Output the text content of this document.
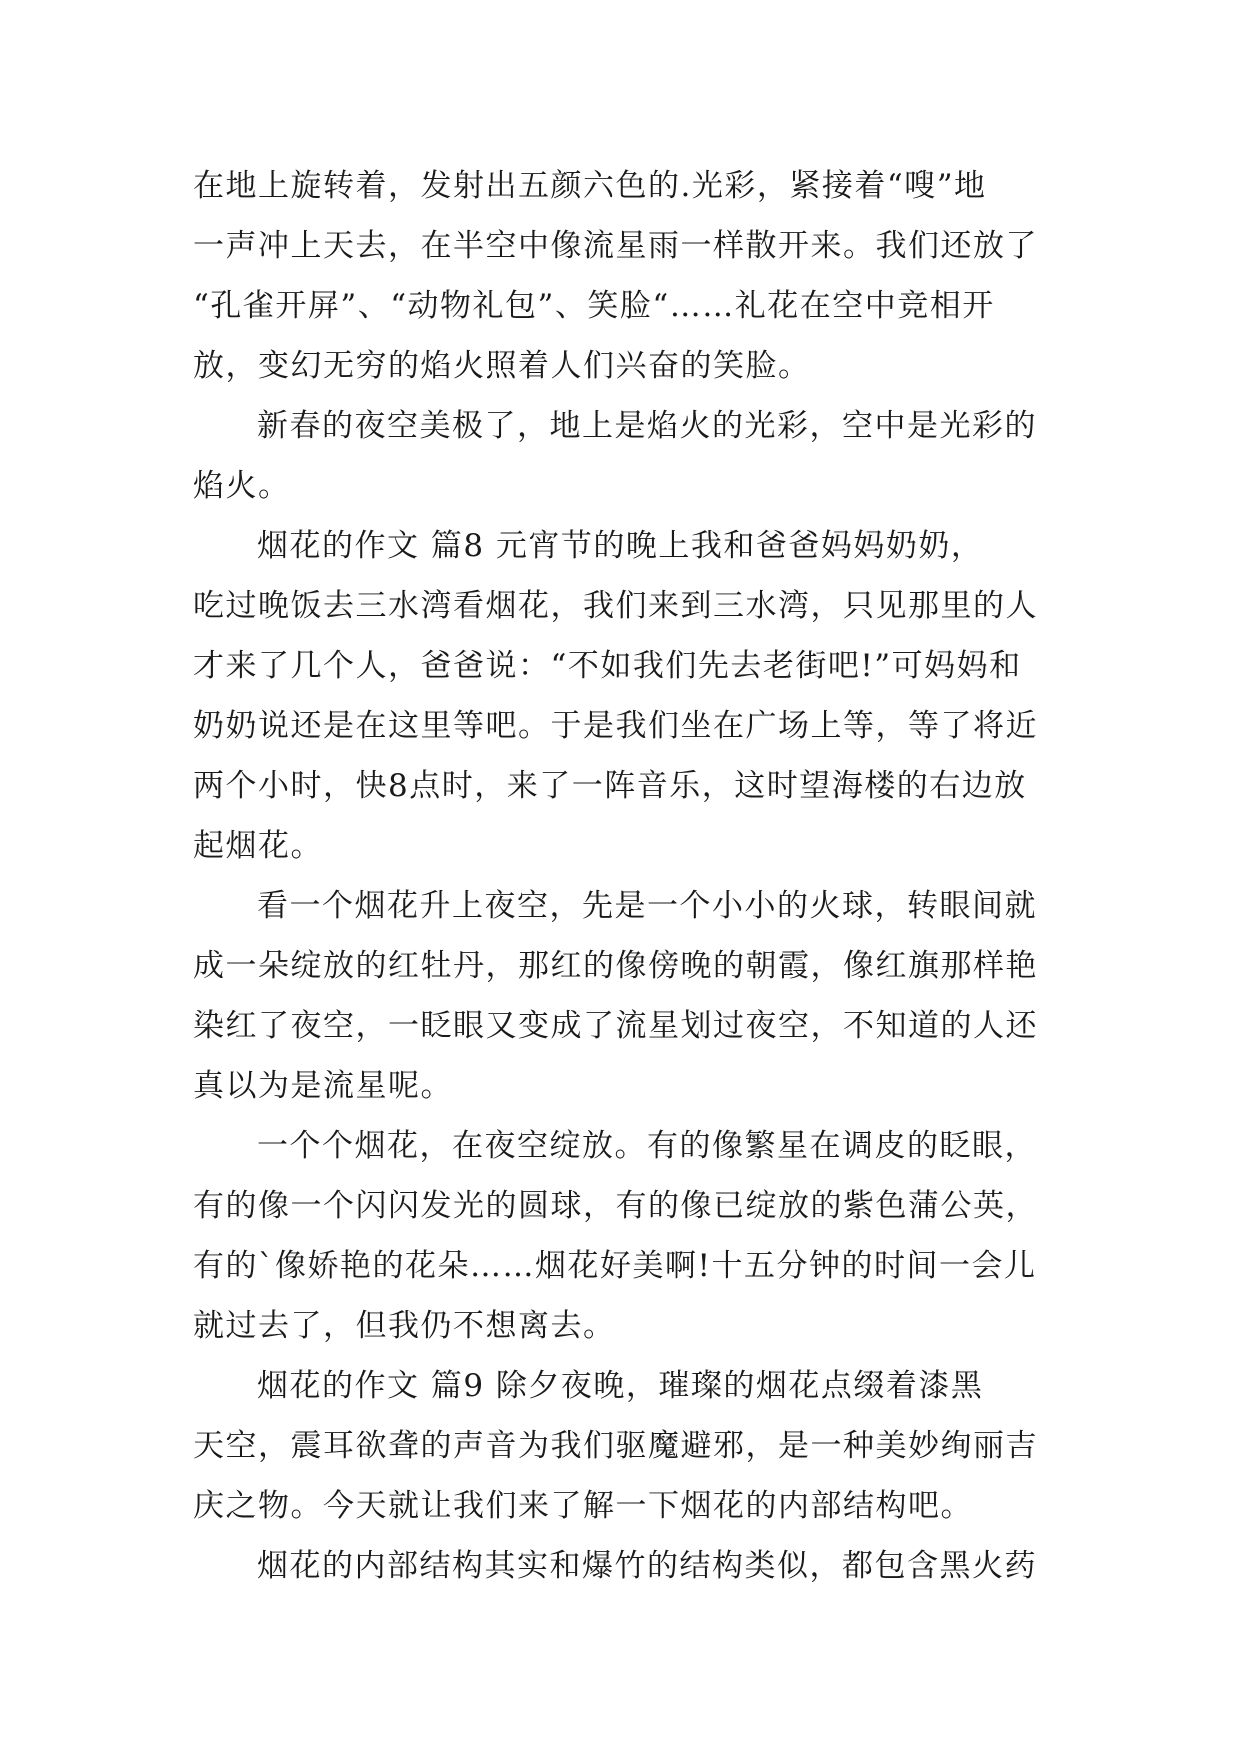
在地上旋转着，发射出五颜六色的.光彩，紧接着“嗖”地
一声冲上天去，在半空中像流星雨一样散开来。我们还放了
“孔雀开屏”、“动物礼包”、笑脸“……礼花在空中竞相开
放，变幻无穷的焰火照着人们兴奋的笑脸。
新春的夜空美极了，地上是焰火的光彩，空中是光彩的
焰火。
烟花的作文 篇8 元宵节的晚上我和爸爸妈妈奶奶，
吃过晚饭去三水湾看烟花，我们来到三水湾，只见那里的人
才来了几个人，爸爸说：“不如我们先去老街吧!”可妈妈和
奶奶说还是在这里等吧。于是我们坐在广场上等，等了将近
两个小时，快8点时，来了一阵音乐，这时望海楼的右边放
起烟花。
看一个烟花升上夜空，先是一个小小的火球，转眼间就
成一朵绽放的红牡丹，那红的像傍晚的朝霞，像红旗那样艳
染红了夜空，一眨眼又变成了流星划过夜空，不知道的人还
真以为是流星呢。
一个个烟花，在夜空绽放。有的像繁星在调皮的眨眼，
有的像一个闪闪发光的圆球，有的像已绽放的紫色蒲公英，
有的`像娇艳的花朵……烟花好美啊!十五分钟的时间一会儿
就过去了，但我仍不想离去。
烟花的作文 篇9 除夕夜晚，璀璨的烟花点缀着漆黑
天空，震耳欲聋的声音为我们驱魔避邪，是一种美妙绚丽吉
庆之物。今天就让我们来了解一下烟花的内部结构吧。
烟花的内部结构其实和爆竹的结构类似，都包含黑火药
